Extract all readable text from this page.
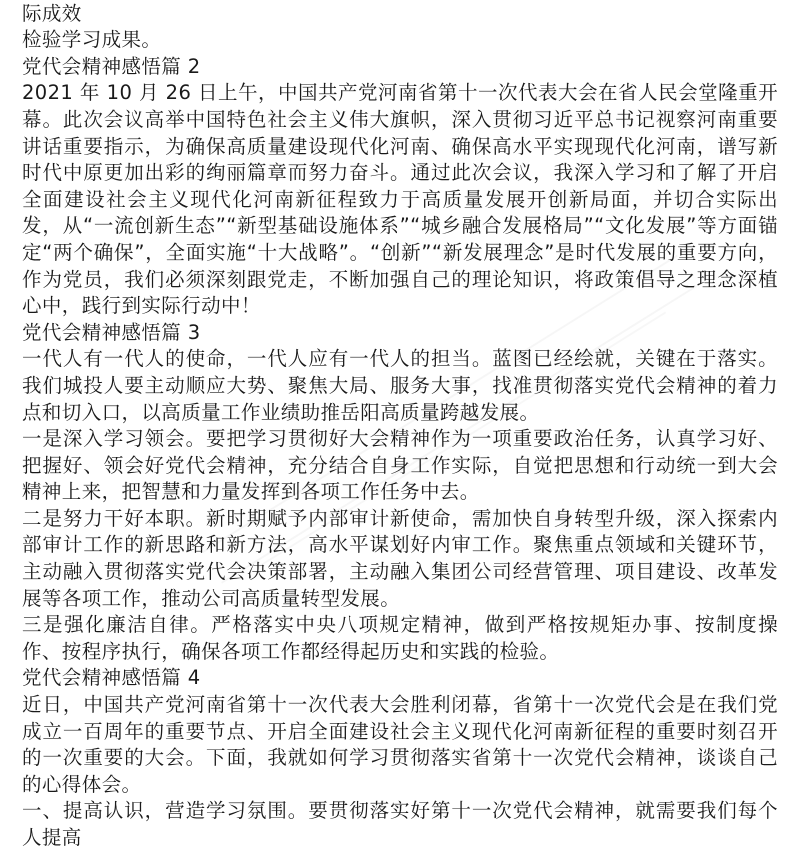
际成效
检验学习成果。

党代会精神感悟篇 2

2021 年 10 月 26 日上午，中国共产党河南省第十一次代表大会在省人民会堂隆重开幕。此次会议高举中国特色社会主义伟大旗帜，深入贯彻习近平总书记视察河南重要讲话重要指示，为确保高质量建设现代化河南、确保高水平实现现代化河南，谱写新时代中原更加出彩的绚丽篇章而努力奋斗。通过此次会议，我深入学习和了解了开启全面建设社会主义现代化河南新征程致力于高质量发展开创新局面，并切合实际出发，从“一流创新生态”“新型基础设施体系”“城乡融合发展格局”“文化发展”等方面锚定“两个确保”，全面实施“十大战略”。“创新”“新发展理念”是时代发展的重要方向，作为党员，我们必须深刻跟党走，不断加强自己的理论知识，将政策倡导之理念深植心中，践行到实际行动中！

党代会精神感悟篇 3

一代人有一代人的使命，一代人应有一代人的担当。蓝图已经绘就，关键在于落实。我们城投人要主动顺应大势、聚焦大局、服务大事，找准贯彻落实党代会精神的着力点和切入口，以高质量工作业绩助推岳阳高质量跨越发展。

一是深入学习领会。要把学习贯彻好大会精神作为一项重要政治任务，认真学习好、把握好、领会好党代会精神，充分结合自身工作实际，自觉把思想和行动统一到大会精神上来，把智慧和力量发挥到各项工作任务中去。

二是努力干好本职。新时期赋予内部审计新使命，需加快自身转型升级，深入探索内部审计工作的新思路和新方法，高水平谋划好内审工作。聚焦重点领域和关键环节，主动融入贯彻落实党代会决策部署，主动融入集团公司经营管理、项目建设、改革发展等各项工作，推动公司高质量转型发展。

三是强化廉洁自律。严格落实中央八项规定精神，做到严格按规矩办事、按制度操作、按程序执行，确保各项工作都经得起历史和实践的检验。

党代会精神感悟篇 4

近日，中国共产党河南省第十一次代表大会胜利闭幕，省第十一次党代会是在我们党成立一百周年的重要节点、开启全面建设社会主义现代化河南新征程的重要时刻召开的一次重要的大会。下面，我就如何学习贯彻落实省第十一次党代会精神，谈谈自己的心得体会。

一、提高认识，营造学习氛围。要贯彻落实好第十一次党代会精神，就需要我们每个人提高
